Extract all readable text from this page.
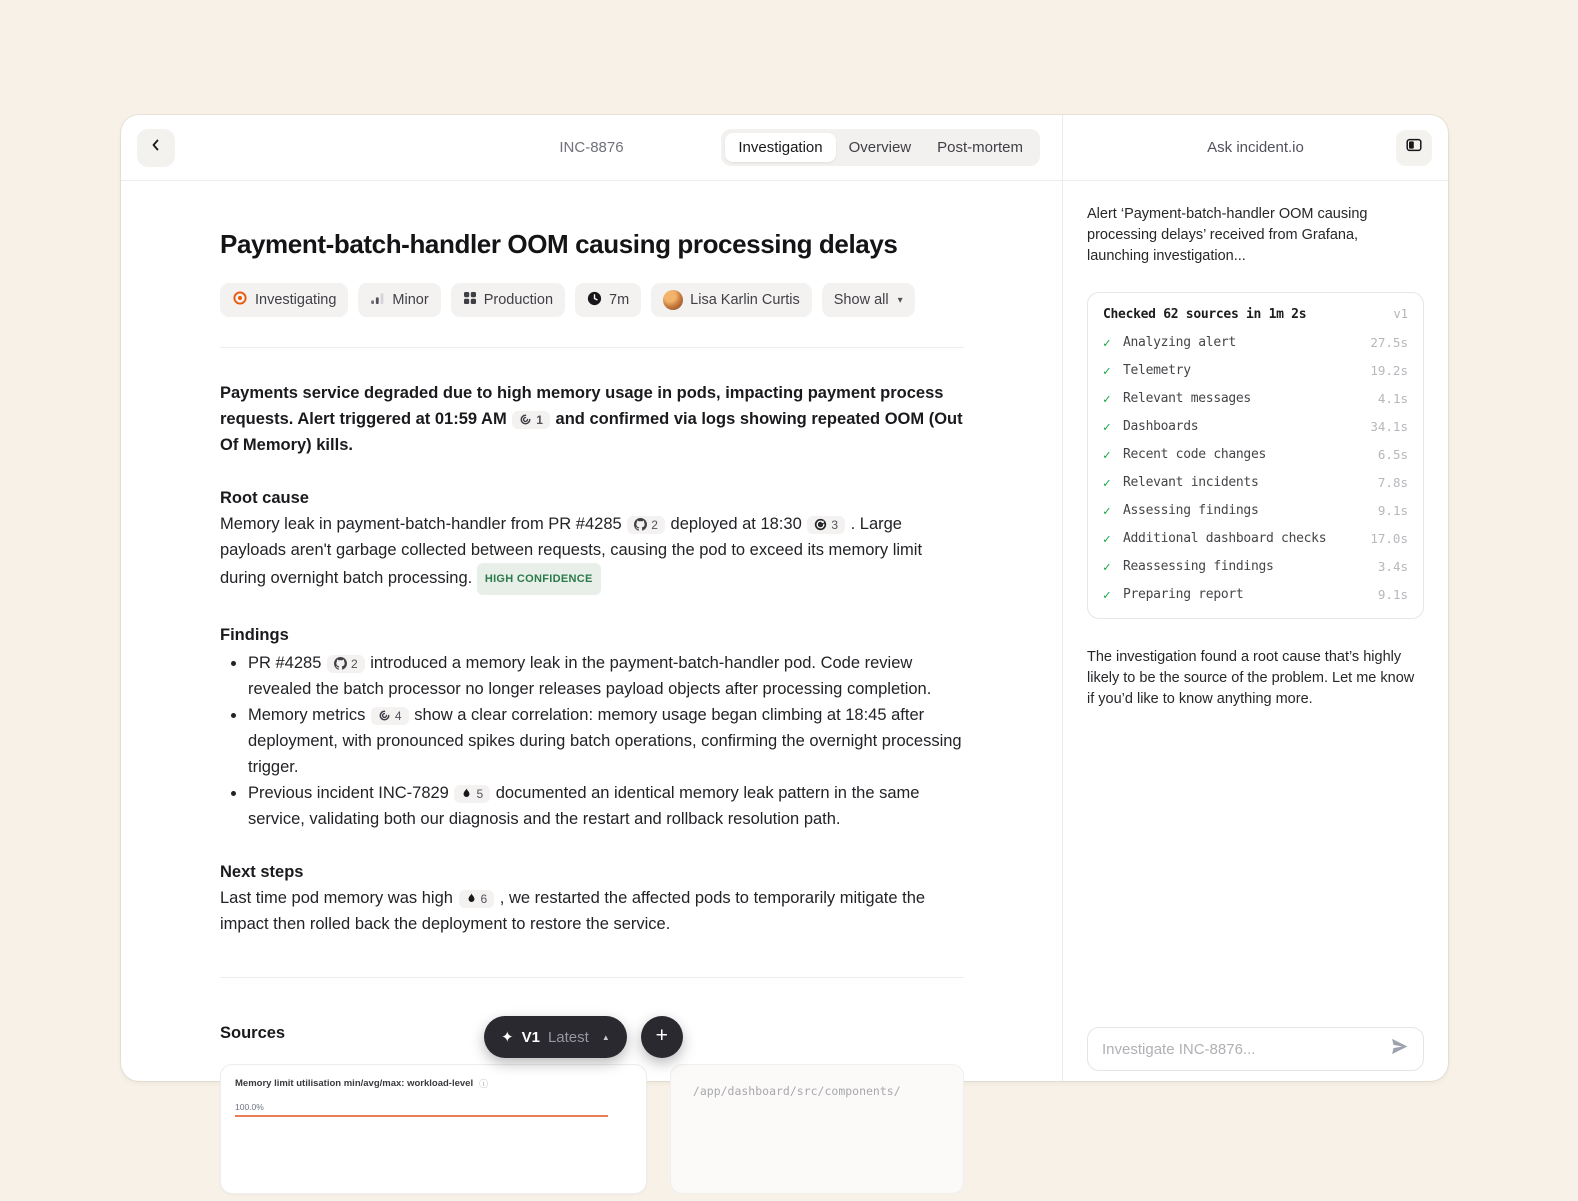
INC-8876	Investigation	Overview	Post-mortem
Payment-batch-handler OOM causing processing delays
Investigating	Minor	Production	7m	Lisa Karlin Curtis Show all ▾

Payments service degraded due to high memory usage in pods, impacting payment process requests. Alert triggered at 01:59 AM 1 and confirmed via logs showing repeated OOM (Out Of Memory) kills.

Root cause

Memory leak in payment-batch-handler from PR #4285 2 deployed at 18:30 3 . Large payloads aren't garbage collected between requests, causing the pod to exceed its memory limit during overnight batch processing. HIGH CONFIDENCE

Findings
• PR #4285 2 introduced a memory leak in the payment-batch-handler pod. Code review revealed the batch processor no longer releases payload objects after processing completion.
• Memory metrics 4 show a clear correlation: memory usage began climbing at 18:45 after deployment, with pronounced spikes during batch operations, confirming the overnight processing trigger.
• Previous incident INC-7829 5 documented an identical memory leak pattern in the same service, validating both our diagnosis and the restart and rollback resolution path.
Next steps

Last time pod memory was high 6 , we restarted the affected pods to temporarily mitigate the impact then rolled back the deployment to restore the service.

Sources
Memory limit utilisation min/avg/max: workload-level ⓘ
100.0%
/app/dashboard/src/components/
✦ V1 Latest ▲	+
Ask incident.io

Alert ‘Payment-batch-handler OOM causing processing delays’ received from Grafana, launching investigation...

Checked 62 sources in 1m 2s	v1
✓ Analyzing alert	27.5s
✓ Telemetry	19.2s
✓ Relevant messages	4.1s
✓ Dashboards	34.1s
✓ Recent code changes	6.5s
✓ Relevant incidents	7.8s
✓ Assessing findings	9.1s
✓ Additional dashboard checks	17.0s
✓ Reassessing findings	3.4s
✓ Preparing report	9.1s

The investigation found a root cause that’s highly likely to be the source of the problem. Let me know if you’d like to know anything more.

Investigate INC-8876...
